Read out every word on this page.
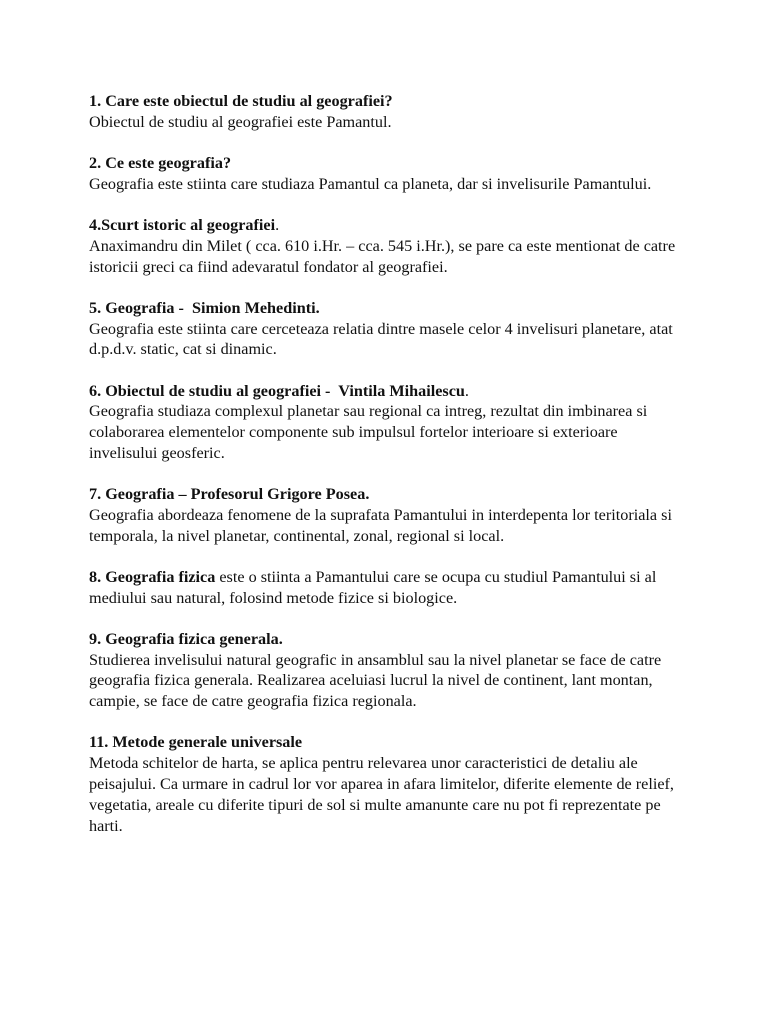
1. Care este obiectul de studiu al geografiei?
Obiectul de studiu al geografiei este Pamantul.
2. Ce este geografia?
Geografia este stiinta care studiaza Pamantul ca planeta, dar si invelisurile Pamantului.
4.Scurt istoric al geografiei.
Anaximandru din Milet ( cca. 610 i.Hr. – cca. 545 i.Hr.), se pare ca este mentionat de catre istoricii greci ca fiind adevaratul fondator al geografiei.
5. Geografia -  Simion Mehedinti.
Geografia este stiinta care cerceteaza relatia dintre masele celor 4 invelisuri planetare, atat d.p.d.v. static, cat si dinamic.
6. Obiectul de studiu al geografiei -  Vintila Mihailescu.
Geografia studiaza complexul planetar sau regional ca intreg, rezultat din imbinarea si colaborarea elementelor componente sub impulsul fortelor interioare si exterioare invelisului geosferic.
7. Geografia – Profesorul Grigore Posea.
Geografia abordeaza fenomene de la suprafata Pamantului in interdepenta lor teritoriala si temporala, la nivel planetar, continental, zonal, regional si local.
8. Geografia fizica este o stiinta a Pamantului care se ocupa cu studiul Pamantului si al mediului sau natural, folosind metode fizice si biologice.
9. Geografia fizica generala.
Studierea invelisului natural geografic in ansamblul sau la nivel planetar se face de catre geografia fizica generala. Realizarea aceluiasi lucrul la nivel de continent, lant montan, campie, se face de catre geografia fizica regionala.
11. Metode generale universale
Metoda schitelor de harta, se aplica pentru relevarea unor caracteristici de detaliu ale peisajului. Ca urmare in cadrul lor vor aparea in afara limitelor, diferite elemente de relief, vegetatia, areale cu diferite tipuri de sol si multe amanunte care nu pot fi reprezentate pe harti.
